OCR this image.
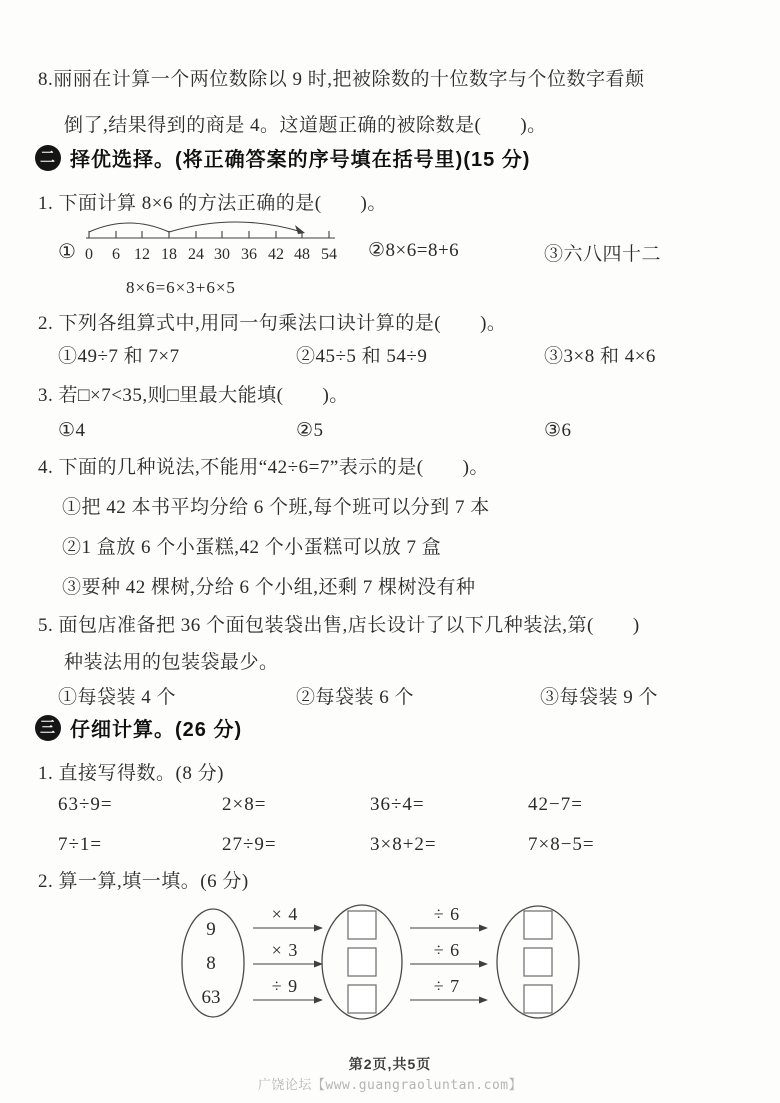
8.丽丽在计算一个两位数除以 9 时,把被除数的十位数字与个位数字看颠
倒了,结果得到的商是 4。这道题正确的被除数是(　　)。
二 择优选择。(将正确答案的序号填在括号里)(15 分)
1. 下面计算 8×6 的方法正确的是(　　)。
① 0 6 12 18 24 30 36 42 48 54
8×6=6×3+6×5
②8×6=8+6	③六八四十二
2. 下列各组算式中,用同一句乘法口诀计算的是(　　)。
①49÷7 和 7×7	②45÷5 和 54÷9	③3×8 和 4×6
3. 若□×7<35,则□里最大能填(　　)。
①4	②5	③6
4. 下面的几种说法,不能用“42÷6=7”表示的是(　　)。
①把 42 本书平均分给 6 个班,每个班可以分到 7 本
②1 盒放 6 个小蛋糕,42 个小蛋糕可以放 7 盒
③要种 42 棵树,分给 6 个小组,还剩 7 棵树没有种
5. 面包店准备把 36 个面包装袋出售,店长设计了以下几种装法,第(　　)
种装法用的包装袋最少。
①每袋装 4 个	②每袋装 6 个	③每袋装 9 个
三 仔细计算。(26 分)
1. 直接写得数。(8 分)
63÷9=	2×8=	36÷4=	42−7=
7÷1=	27÷9=	3×8+2=	7×8−5=
2. 算一算,填一填。(6 分)
9
8
63
× 4
× 3
÷ 9
÷ 6
÷ 6
÷ 7
第2页,共5页
广饶论坛【www.guangraoluntan.com】
